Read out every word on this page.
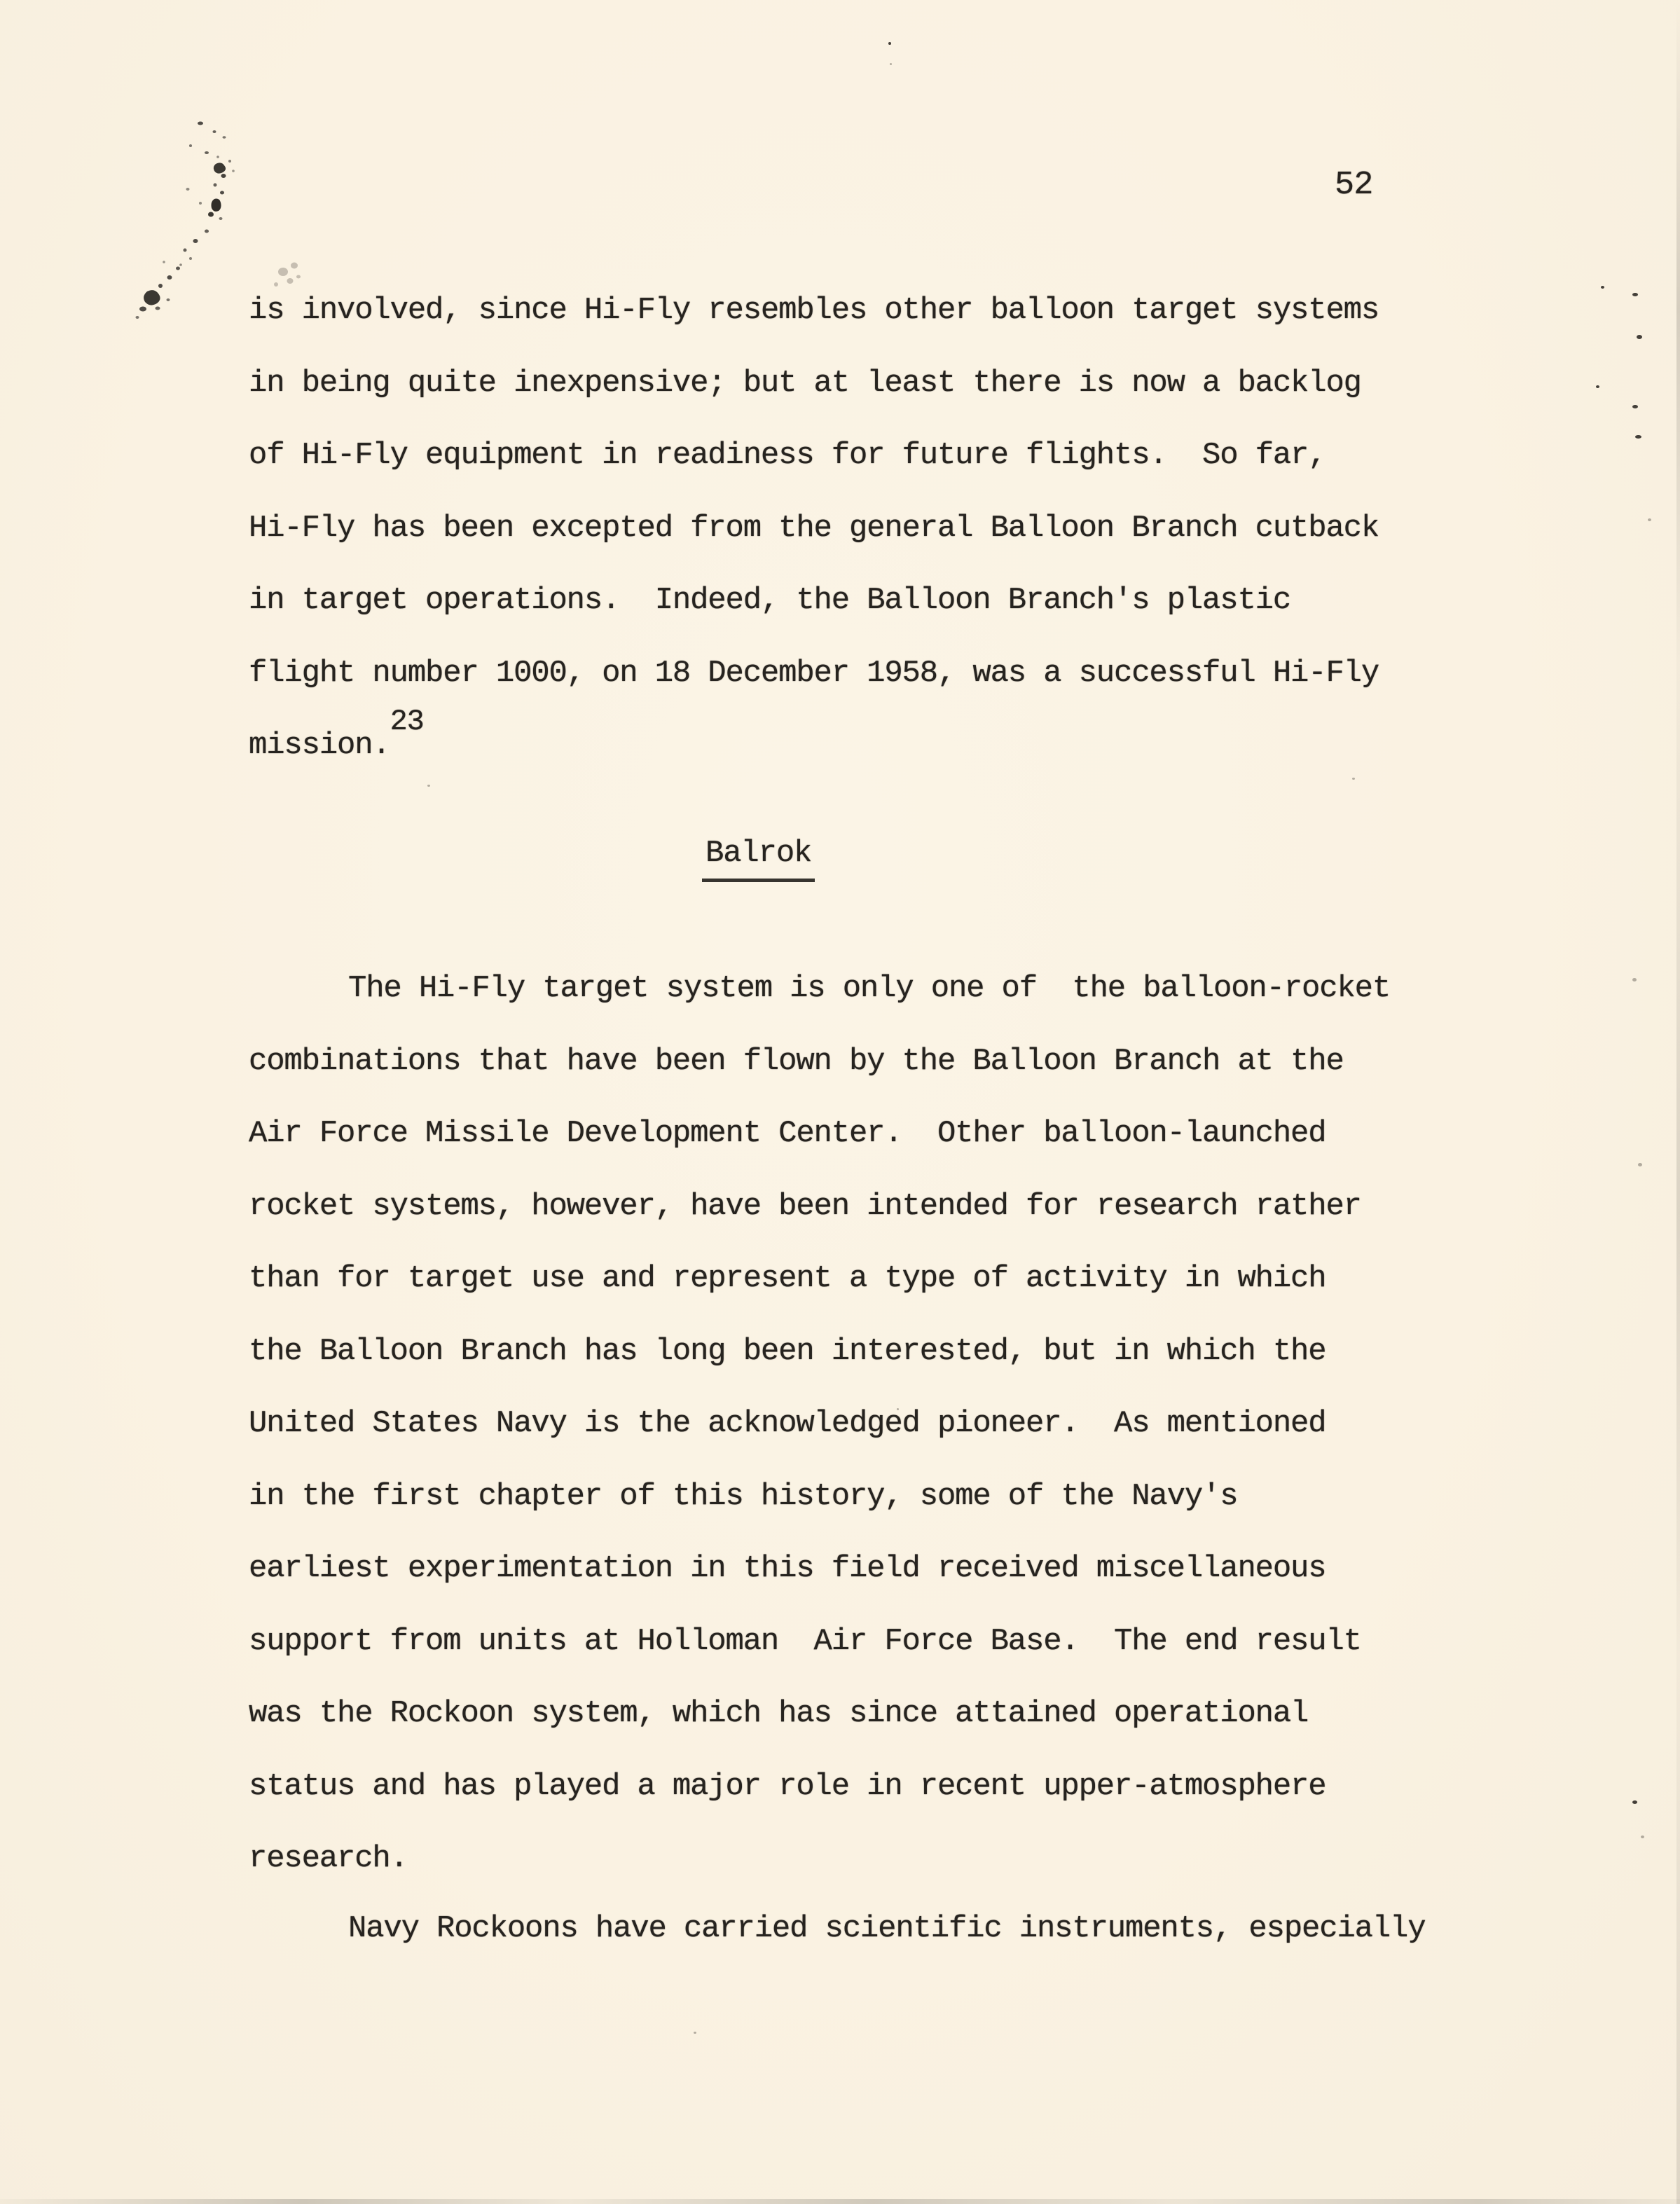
52
is involved, since Hi-Fly resembles other balloon target systems
in being quite inexpensive; but at least there is now a backlog
of Hi-Fly equipment in readiness for future flights.  So far,
Hi-Fly has been excepted from the general Balloon Branch cutback
in target operations.  Indeed, the Balloon Branch's plastic
flight number 1000, on 18 December 1958, was a successful Hi-Fly
mission.23
Balrok
The Hi-Fly target system is only one of  the balloon-rocket
combinations that have been flown by the Balloon Branch at the
Air Force Missile Development Center.  Other balloon-launched
rocket systems, however, have been intended for research rather
than for target use and represent a type of activity in which
the Balloon Branch has long been interested, but in which the
United States Navy is the acknowledged pioneer.  As mentioned
in the first chapter of this history, some of the Navy's
earliest experimentation in this field received miscellaneous
support from units at Holloman  Air Force Base.  The end result
was the Rockoon system, which has since attained operational
status and has played a major role in recent upper-atmosphere
research.
Navy Rockoons have carried scientific instruments, especially
